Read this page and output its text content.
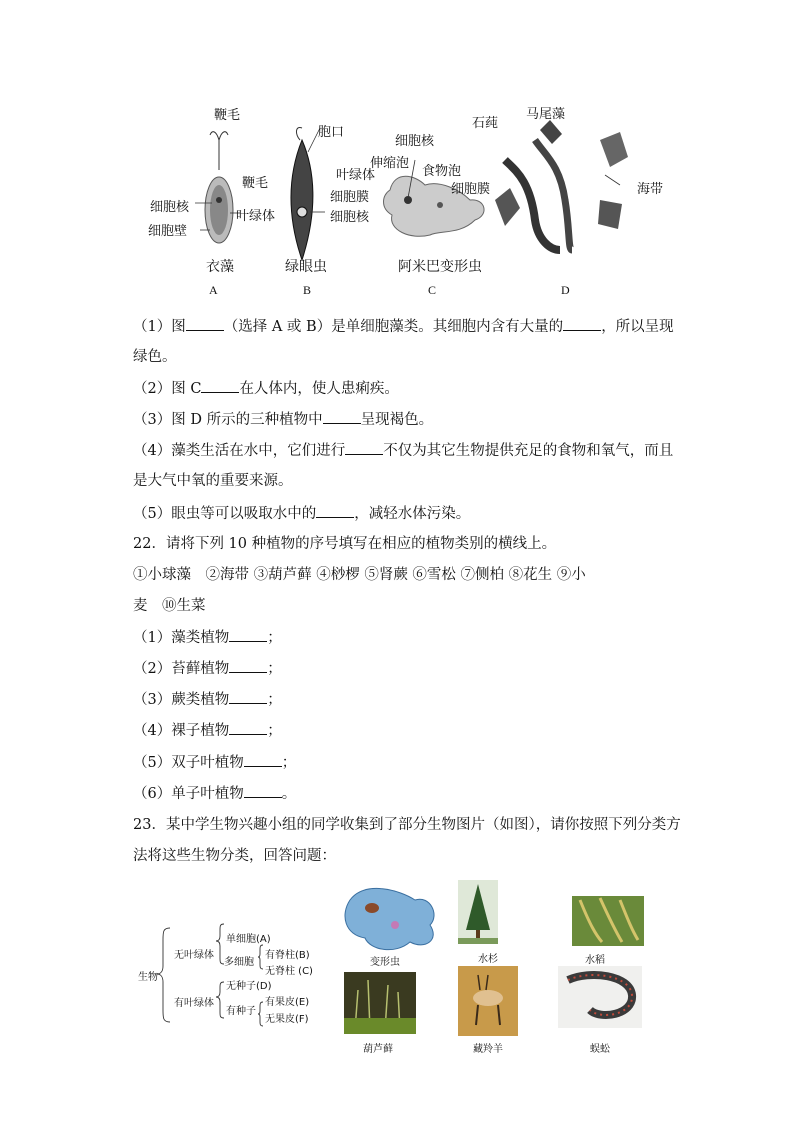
鞭毛
细胞核
叶绿体
细胞壁
胞口
叶绿体
鞭毛
细胞膜
细胞核
细胞核
伸缩泡
食物泡
细胞膜
石莼
马尾藻
海带
衣藻	绿眼虫	阿米巴变形虫
A	B	C	D
（1）图	（选择 A 或 B）是单细胞藻类。其细胞内含有大量的	，所以呈现
绿色。
（2）图 C	在人体内，使人患痢疾。
（3）图 D 所示的三种植物中	呈现褐色。
（4）藻类生活在水中，它们进行	不仅为其它生物提供充足的食物和氧气，而且
是大气中氧的重要来源。
（5）眼虫等可以吸取水中的	，减轻水体污染。
22．请将下列 10 种植物的序号填写在相应的植物类别的横线上。
①小球藻　②海带 ③葫芦藓 ④桫椤 ⑤肾蕨 ⑥雪松 ⑦侧柏 ⑧花生 ⑨小
麦　⑩生菜
（1）藻类植物	；
（2）苔藓植物	；
（3）蕨类植物	；
（4）裸子植物	；
（5）双子叶植物	；
（6）单子叶植物	。
23．某中学生物兴趣小组的同学收集到了部分生物图片（如图），请你按照下列分类方
法将这些生物分类，回答问题：
生物
无叶绿体
有叶绿体
单细胞(A)
多细胞
有脊柱(B)
无脊柱 (C)
无种子(D)
有种子
有果皮(E)
无果皮(F)
变形虫	水杉	水稻
葫芦藓	藏羚羊	蜈蚣
